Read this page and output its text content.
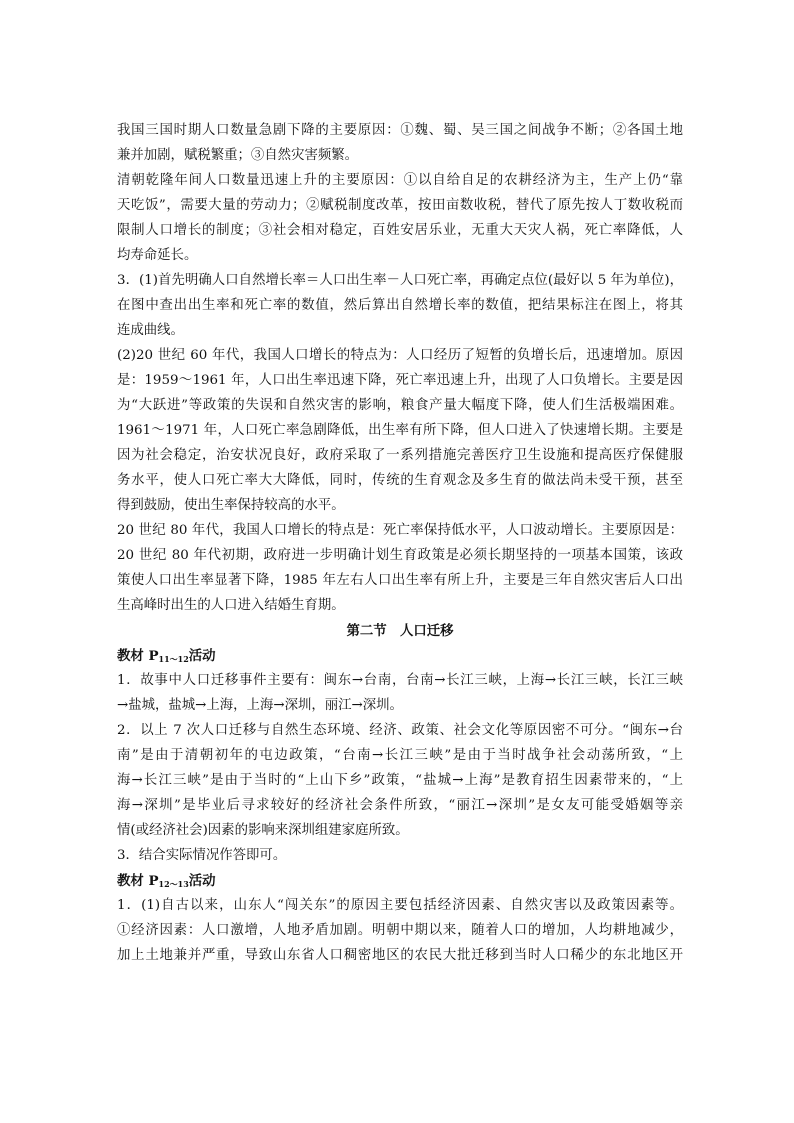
我国三国时期人口数量急剧下降的主要原因：①魏、蜀、吴三国之间战争不断；②各国土地

兼并加剧，赋税繁重；③自然灾害频繁。

清朝乾隆年间人口数量迅速上升的主要原因：①以自给自足的农耕经济为主，生产上仍“靠

天吃饭”，需要大量的劳动力；②赋税制度改革，按田亩数收税，替代了原先按人丁数收税而

限制人口增长的制度；③社会相对稳定，百姓安居乐业，无重大天灾人祸，死亡率降低，人

均寿命延长。

3．(1)首先明确人口自然增长率＝人口出生率－人口死亡率，再确定点位(最好以 5 年为单位)，

在图中查出出生率和死亡率的数值，然后算出自然增长率的数值，把结果标注在图上，将其

连成曲线。

(2)20 世纪 60 年代，我国人口增长的特点为：人口经历了短暂的负增长后，迅速增加。原因

是：1959～1961 年，人口出生率迅速下降，死亡率迅速上升，出现了人口负增长。主要是因

为“大跃进”等政策的失误和自然灾害的影响，粮食产量大幅度下降，使人们生活极端困难。

1961～1971 年，人口死亡率急剧降低，出生率有所下降，但人口进入了快速增长期。主要是

因为社会稳定，治安状况良好，政府采取了一系列措施完善医疗卫生设施和提高医疗保健服

务水平，使人口死亡率大大降低，同时，传统的生育观念及多生育的做法尚未受干预，甚至

得到鼓励，使出生率保持较高的水平。

20 世纪 80 年代，我国人口增长的特点是：死亡率保持低水平，人口波动增长。主要原因是：

20 世纪 80 年代初期，政府进一步明确计划生育政策是必须长期坚持的一项基本国策，该政

策使人口出生率显著下降，1985 年左右人口出生率有所上升，主要是三年自然灾害后人口出

生高峰时出生的人口进入结婚生育期。

第二节　人口迁移

教材 $P_{11\sim 12}$活动

1．故事中人口迁移事件主要有：闽东→台南，台南→长江三峡，上海→长江三峡，长江三峡

→盐城，盐城→上海，上海→深圳，丽江→深圳。

2．以上 7 次人口迁移与自然生态环境、经济、政策、社会文化等原因密不可分。“闽东→台

南”是由于清朝初年的屯边政策，“台南→长江三峡”是由于当时战争社会动荡所致，“上

海→长江三峡”是由于当时的“上山下乡”政策，“盐城→上海”是教育招生因素带来的，“上

海→深圳”是毕业后寻求较好的经济社会条件所致，“丽江→深圳”是女友可能受婚姻等亲

情(或经济社会)因素的影响来深圳组建家庭所致。

3．结合实际情况作答即可。

教材 $P_{12\sim 13}$活动

1．(1)自古以来，山东人“闯关东”的原因主要包括经济因素、自然灾害以及政策因素等。

①经济因素：人口激增，人地矛盾加剧。明朝中期以来，随着人口的增加，人均耕地减少，

加上土地兼并严重，导致山东省人口稠密地区的农民大批迁移到当时人口稀少的东北地区开
